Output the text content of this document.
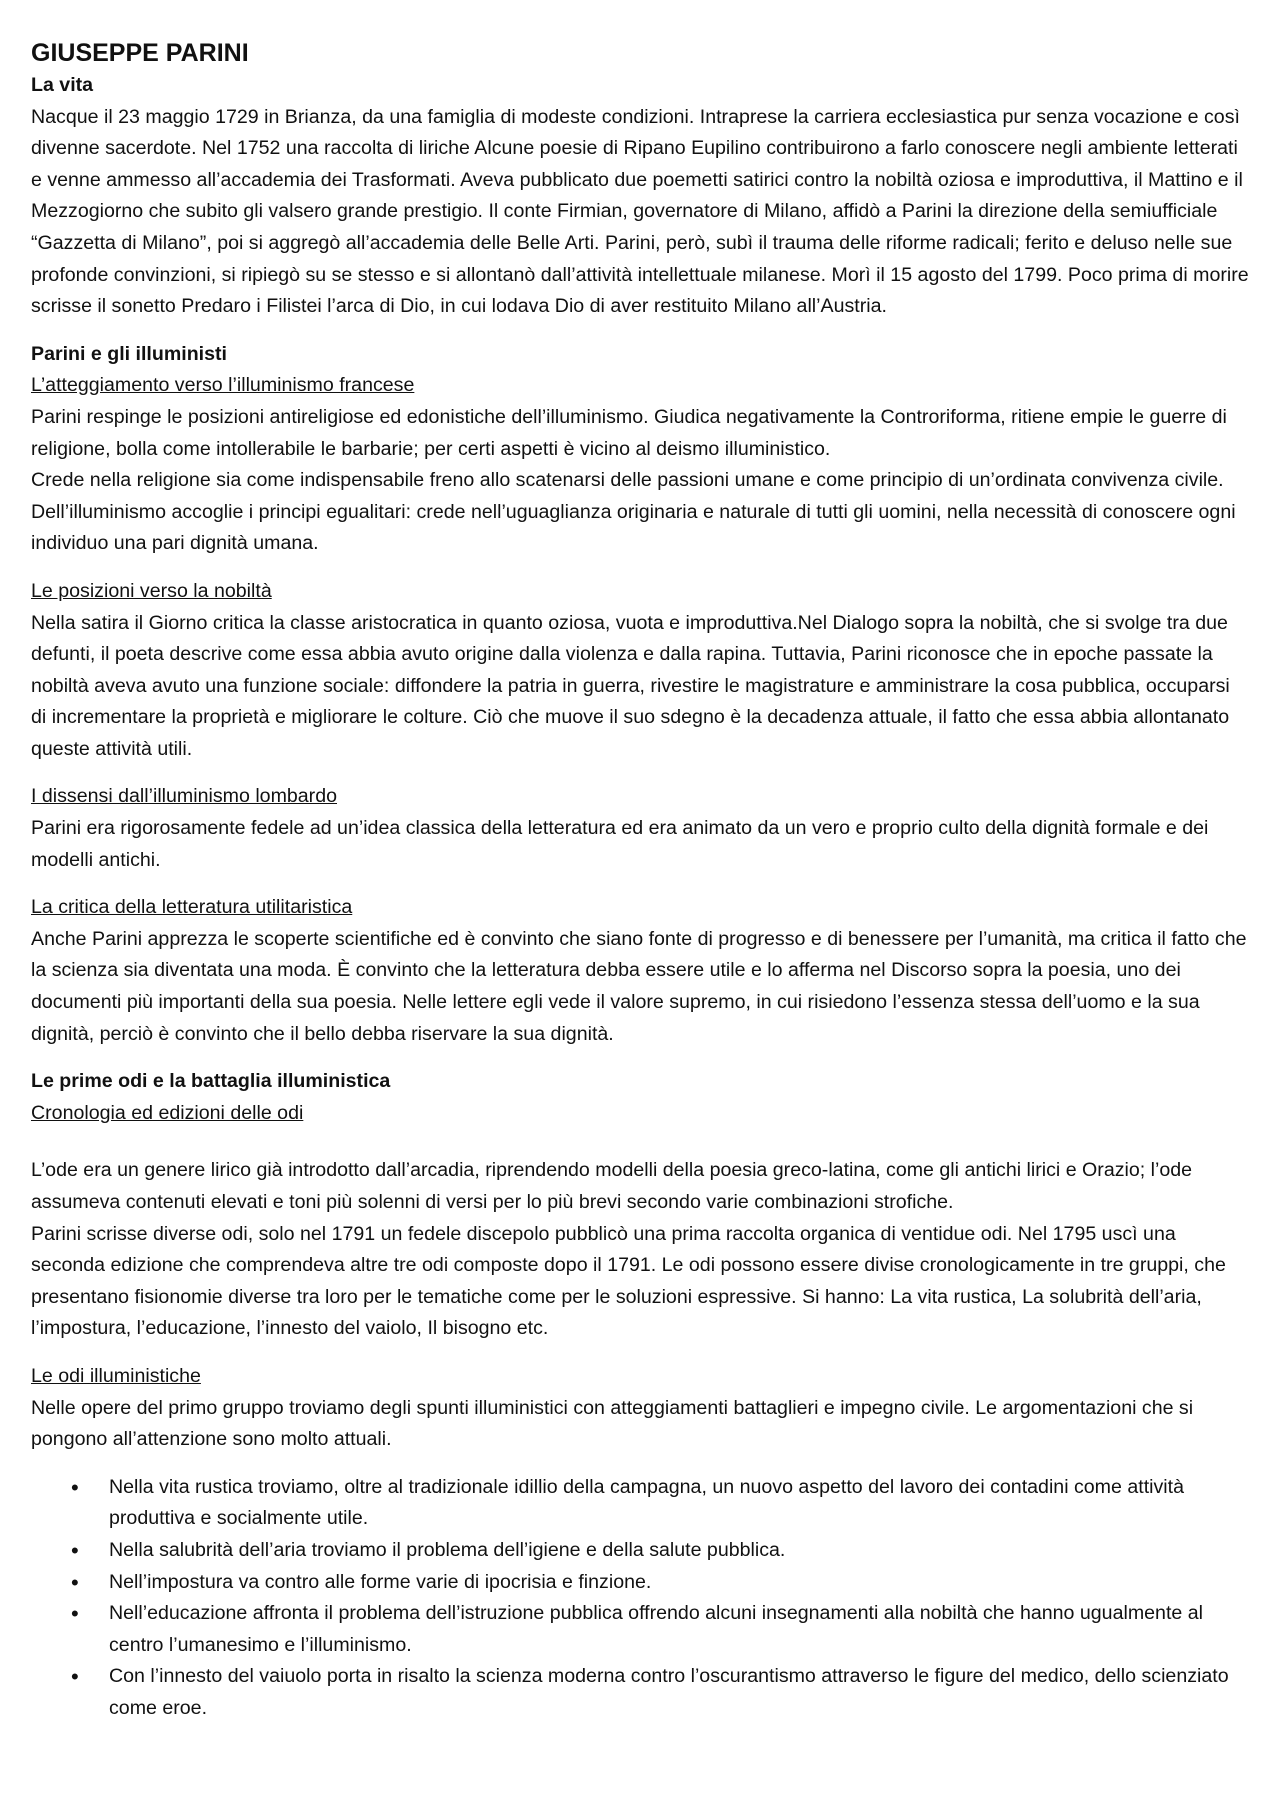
GIUSEPPE PARINI

La vita

Nacque il 23 maggio 1729 in Brianza, da una famiglia di modeste condizioni. Intraprese la carriera ecclesiastica pur senza vocazione e così divenne sacerdote. Nel 1752 una raccolta di liriche Alcune poesie di Ripano Eupilino contribuirono a farlo conoscere negli ambiente letterati e venne ammesso all’accademia dei Trasformati. Aveva pubblicato due poemetti satirici contro la nobiltà oziosa e improduttiva, il Mattino e il Mezzogiorno che subito gli valsero grande prestigio. Il conte Firmian, governatore di Milano, affidò a Parini la direzione della semiufficiale “Gazzetta di Milano”, poi si aggregò all’accademia delle Belle Arti. Parini, però, subì il trauma delle riforme radicali; ferito e deluso nelle sue profonde convinzioni, si ripiegò su se stesso e si allontanò dall’attività intellettuale milanese. Morì il 15 agosto del 1799. Poco prima di morire scrisse il sonetto Predaro i Filistei l’arca di Dio, in cui lodava Dio di aver restituito Milano all’Austria.

Parini e gli illuministi

L’atteggiamento verso l’illuminismo francese

Parini respinge le posizioni antireligiose ed edonistiche dell’illuminismo. Giudica negativamente la Controriforma, ritiene empie le guerre di religione, bolla come intollerabile le barbarie; per certi aspetti è vicino al deismo illuministico.

Crede nella religione sia come indispensabile freno allo scatenarsi delle passioni umane e come principio di un’ordinata convivenza civile. Dell’illuminismo accoglie i principi egualitari: crede nell’uguaglianza originaria e naturale di tutti gli uomini, nella necessità di conoscere ogni individuo una pari dignità umana.

Le posizioni verso la nobiltà

Nella satira il Giorno critica la classe aristocratica in quanto oziosa, vuota e improduttiva.Nel Dialogo sopra la nobiltà, che si svolge tra due defunti, il poeta descrive come essa abbia avuto origine dalla violenza e dalla rapina. Tuttavia, Parini riconosce che in epoche passate la nobiltà aveva avuto una funzione sociale: diffondere la patria in guerra, rivestire le magistrature e amministrare la cosa pubblica, occuparsi di incrementare la proprietà e migliorare le colture. Ciò che muove il suo sdegno è la decadenza attuale, il fatto che essa abbia allontanato queste attività utili.

I dissensi dall’illuminismo lombardo

Parini era rigorosamente fedele ad un’idea classica della letteratura ed era animato da un vero e proprio culto della dignità formale e dei modelli antichi.

La critica della letteratura utilitaristica

Anche Parini apprezza le scoperte scientifiche ed è convinto che siano fonte di progresso e di benessere per l’umanità, ma critica il fatto che la scienza sia diventata una moda. È convinto che la letteratura debba essere utile e lo afferma nel Discorso sopra la poesia, uno dei documenti più importanti della sua poesia. Nelle lettere egli vede il valore supremo, in cui risiedono l’essenza stessa dell’uomo e la sua dignità, perciò è convinto che il bello debba riservare la sua dignità.

Le prime odi e la battaglia illuministica

Cronologia ed edizioni delle odi

L’ode era un genere lirico già introdotto dall’arcadia, riprendendo modelli della poesia greco-latina, come gli antichi lirici e Orazio; l’ode assumeva contenuti elevati e toni più solenni di versi per lo più brevi secondo varie combinazioni strofiche.

Parini scrisse diverse odi, solo nel 1791 un fedele discepolo pubblicò una prima raccolta organica di ventidue odi. Nel 1795 uscì una seconda edizione che comprendeva altre tre odi composte dopo il 1791. Le odi possono essere divise cronologicamente in tre gruppi, che presentano fisionomie diverse tra loro per le tematiche come per le soluzioni espressive. Si hanno: La vita rustica, La solubrità dell’aria, l’impostura, l’educazione, l’innesto del vaiolo, Il bisogno etc.

Le odi illuministiche

Nelle opere del primo gruppo troviamo degli spunti illuministici con atteggiamenti battaglieri e impegno civile. Le argomentazioni che si pongono all’attenzione sono molto attuali.

• Nella vita rustica troviamo, oltre al tradizionale idillio della campagna, un nuovo aspetto del lavoro dei contadini come attività produttiva e socialmente utile.
• Nella salubrità dell’aria troviamo il problema dell’igiene e della salute pubblica.
• Nell’impostura va contro alle forme varie di ipocrisia e finzione.
• Nell’educazione affronta il problema dell’istruzione pubblica offrendo alcuni insegnamenti alla nobiltà che hanno ugualmente al centro l’umanesimo e l’illuminismo.
• Con l’innesto del vaiuolo porta in risalto la scienza moderna contro l’oscurantismo attraverso le figure del medico, dello scienziato come eroe.
